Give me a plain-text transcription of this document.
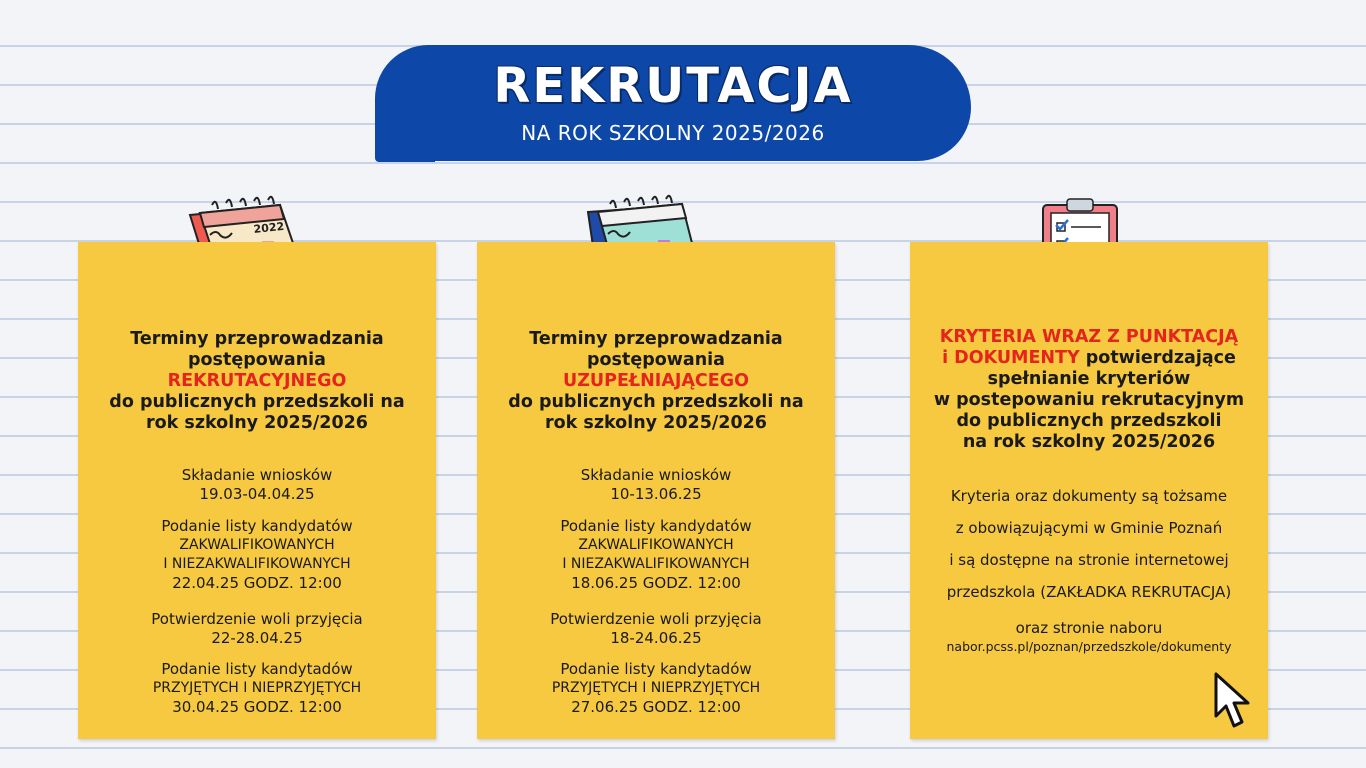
REKRUTACJA
NA ROK SZKOLNY 2025/2026
2022
Terminy przeprowadzania
postępowania
REKRUTACYJNEGO
do publicznych przedszkoli na
rok szkolny 2025/2026
Składanie wniosków
19.03-04.04.25
Podanie listy kandydatów
ZAKWALIFIKOWANYCH
I NIEZAKWALIFIKOWANYCH
22.04.25 GODZ. 12:00
Potwierdzenie woli przyjęcia
22-28.04.25
Podanie listy kandytadów
PRZYJĘTYCH I NIEPRZYJĘTYCH
30.04.25 GODZ. 12:00
Terminy przeprowadzania
postępowania
UZUPEŁNIAJĄCEGO
do publicznych przedszkoli na
rok szkolny 2025/2026
Składanie wniosków
10-13.06.25
Podanie listy kandydatów
ZAKWALIFIKOWANYCH
I NIEZAKWALIFIKOWANYCH
18.06.25 GODZ. 12:00
Potwierdzenie woli przyjęcia
18-24.06.25
Podanie listy kandytadów
PRZYJĘTYCH I NIEPRZYJĘTYCH
27.06.25 GODZ. 12:00
KRYTERIA WRAZ Z PUNKTACJĄ
i DOKUMENTY potwierdzające
spełnianie kryteriów
w postepowaniu rekrutacyjnym
do publicznych przedszkoli
na rok szkolny 2025/2026
Kryteria oraz dokumenty są tożsame
z obowiązującymi w Gminie Poznań
i są dostępne na stronie internetowej
przedszkola (ZAKŁADKA REKRUTACJA)
oraz stronie naboru
nabor.pcss.pl/poznan/przedszkole/dokumenty
